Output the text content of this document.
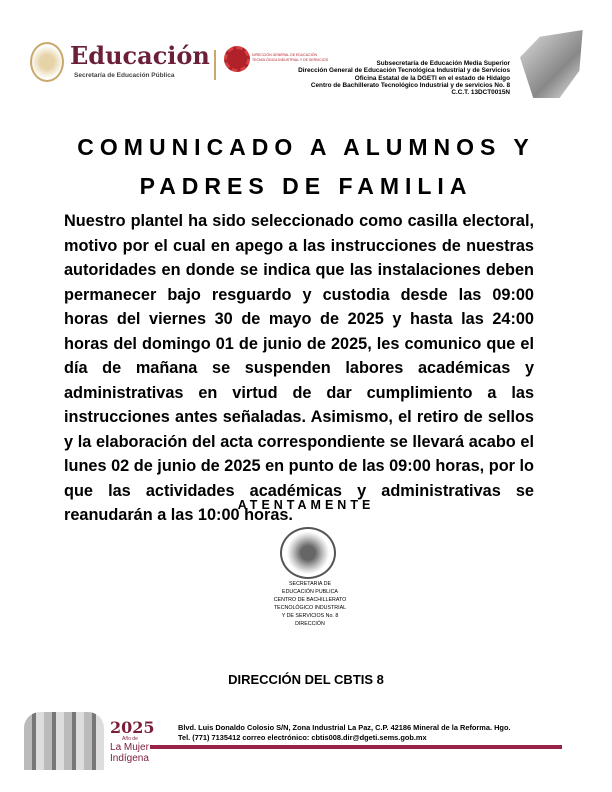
Educación
Secretaría de Educación Pública
DIRECCIÓN GENERAL DE EDUCACIÓN TECNOLÓGICA INDUSTRIAL Y DE SERVICIOS	Subsecretaría de Educación Media Superior
Dirección General de Educación Tecnológica Industrial y de Servicios
Oficina Estatal de la DGETI en el estado de Hidalgo
Centro de Bachillerato Tecnológico Industrial y de servicios No. 8
C.C.T. 13DCT0015N
COMUNICADO A ALUMNOS Y
PADRES DE FAMILIA
Nuestro plantel ha sido seleccionado como casilla electoral, motivo por el cual en apego a las instrucciones de nuestras autoridades en donde se indica que las instalaciones deben permanecer bajo resguardo y custodia desde las 09:00 horas del viernes 30 de mayo de 2025 y hasta las 24:00 horas del domingo 01 de junio de 2025, les comunico que el día de mañana se suspenden labores académicas y administrativas en virtud de dar cumplimiento a las instrucciones antes señaladas. Asimismo, el retiro de sellos y la elaboración del acta correspondiente se llevará acabo el lunes 02 de junio de 2025 en punto de las 09:00 horas, por lo que las actividades académicas y administrativas se reanudarán a las 10:00 horas.
ATENTAMENTE
SECRETARIA DE
EDUCACIÓN PUBLICA
CENTRO DE BACHILLERATO
TECNOLÓGICO INDUSTRIAL
Y DE SERVICIOS No. 8
DIRECCIÓN
DIRECCIÓN DEL CBTIS 8
2025
Año de
La Mujer
Indígena
Blvd. Luis Donaldo Colosio S/N, Zona Industrial La Paz, C.P. 42186 Mineral de la Reforma. Hgo.
Tel. (771) 7135412 correo electrónico: cbtis008.dir@dgeti.sems.gob.mx
